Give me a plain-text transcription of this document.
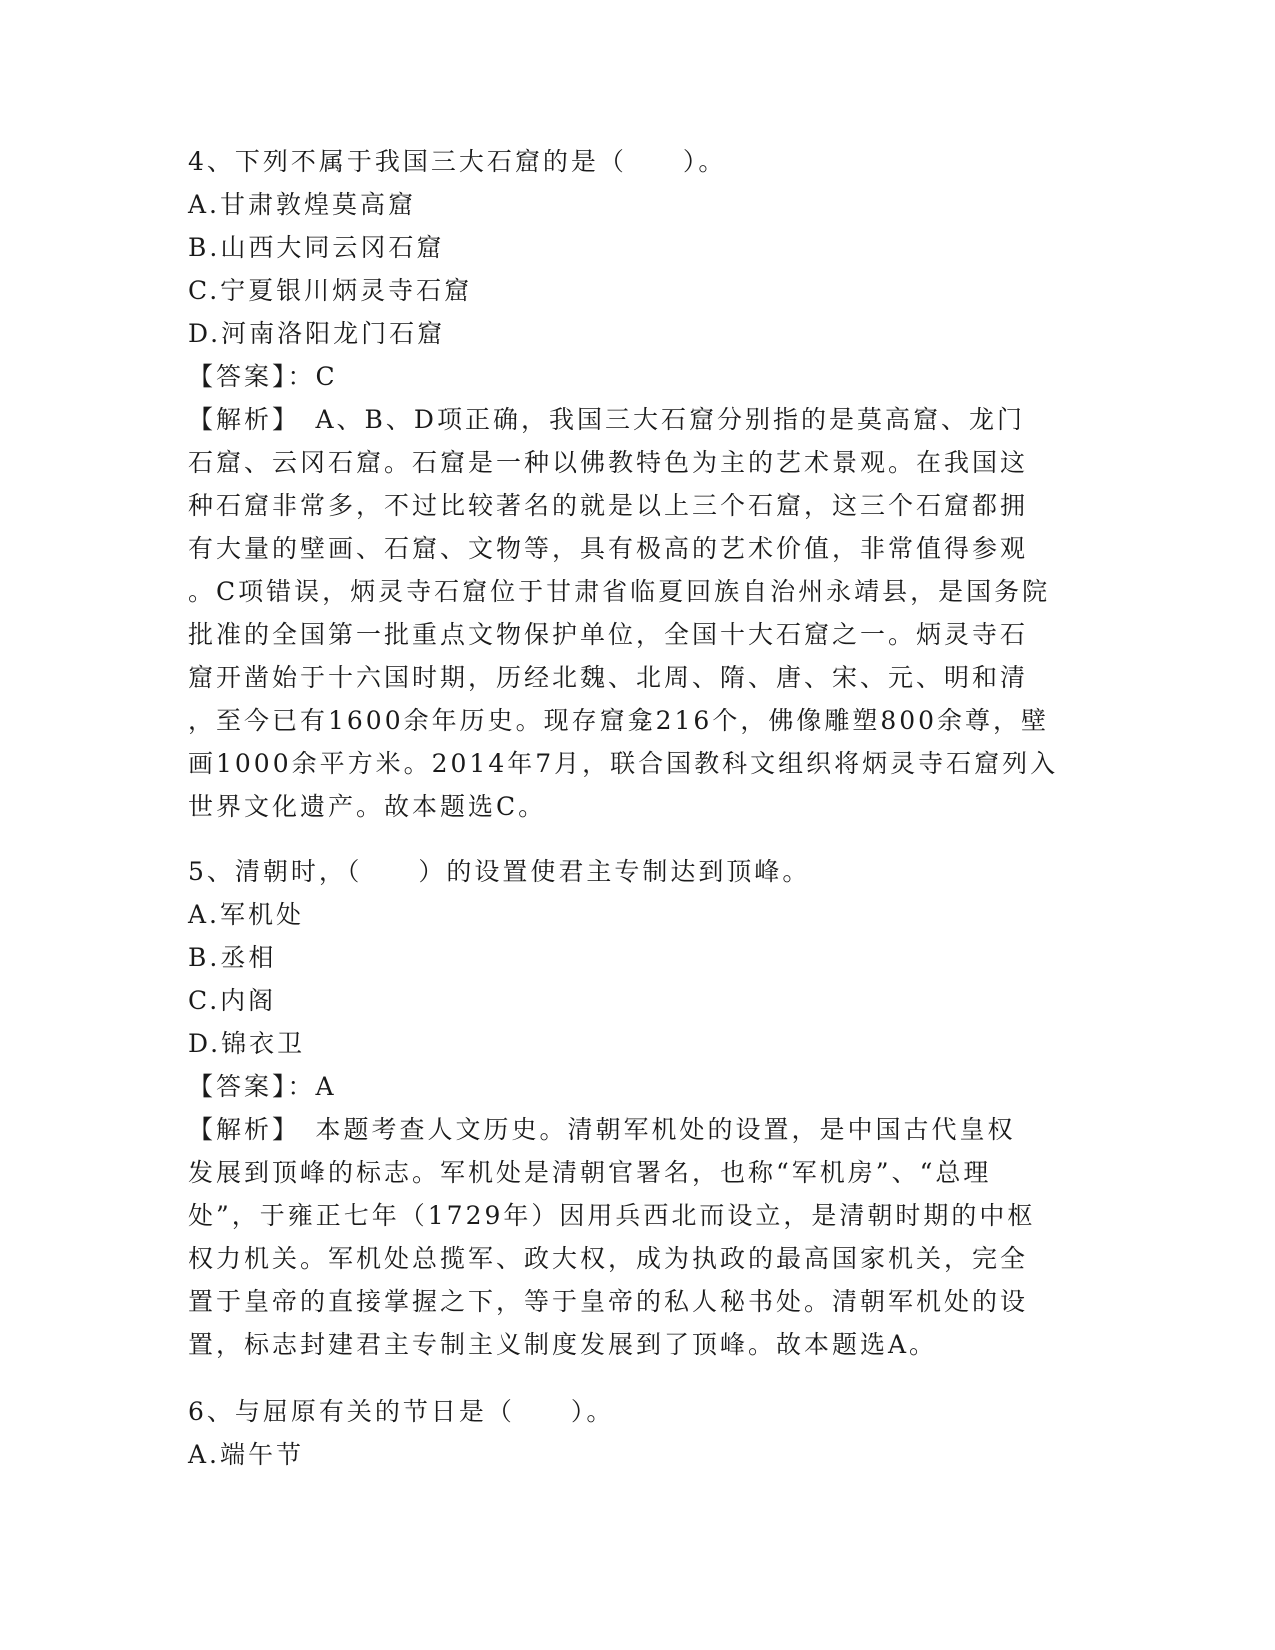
4、下列不属于我国三大石窟的是（　　）。
A.甘肃敦煌莫高窟
B.山西大同云冈石窟
C.宁夏银川炳灵寺石窟
D.河南洛阳龙门石窟
【答案】：C
【解析】　A、B、D项正确，我国三大石窟分别指的是莫高窟、龙门
石窟、云冈石窟。石窟是一种以佛教特色为主的艺术景观。在我国这
种石窟非常多，不过比较著名的就是以上三个石窟，这三个石窟都拥
有大量的壁画、石窟、文物等，具有极高的艺术价值，非常值得参观
。C项错误，炳灵寺石窟位于甘肃省临夏回族自治州永靖县，是国务院
批准的全国第一批重点文物保护单位，全国十大石窟之一。炳灵寺石
窟开凿始于十六国时期，历经北魏、北周、隋、唐、宋、元、明和清
，至今已有1600余年历史。现存窟龛216个，佛像雕塑800余尊，壁
画1000余平方米。2014年7月，联合国教科文组织将炳灵寺石窟列入
世界文化遗产。故本题选C。
5、清朝时，（　　）的设置使君主专制达到顶峰。
A.军机处
B.丞相
C.内阁
D.锦衣卫
【答案】：A
【解析】　本题考查人文历史。清朝军机处的设置，是中国古代皇权
发展到顶峰的标志。军机处是清朝官署名，也称“军机房”、“总理
处”，于雍正七年（1729年）因用兵西北而设立，是清朝时期的中枢
权力机关。军机处总揽军、政大权，成为执政的最高国家机关，完全
置于皇帝的直接掌握之下，等于皇帝的私人秘书处。清朝军机处的设
置，标志封建君主专制主义制度发展到了顶峰。故本题选A。
6、与屈原有关的节日是（　　）。
A.端午节
